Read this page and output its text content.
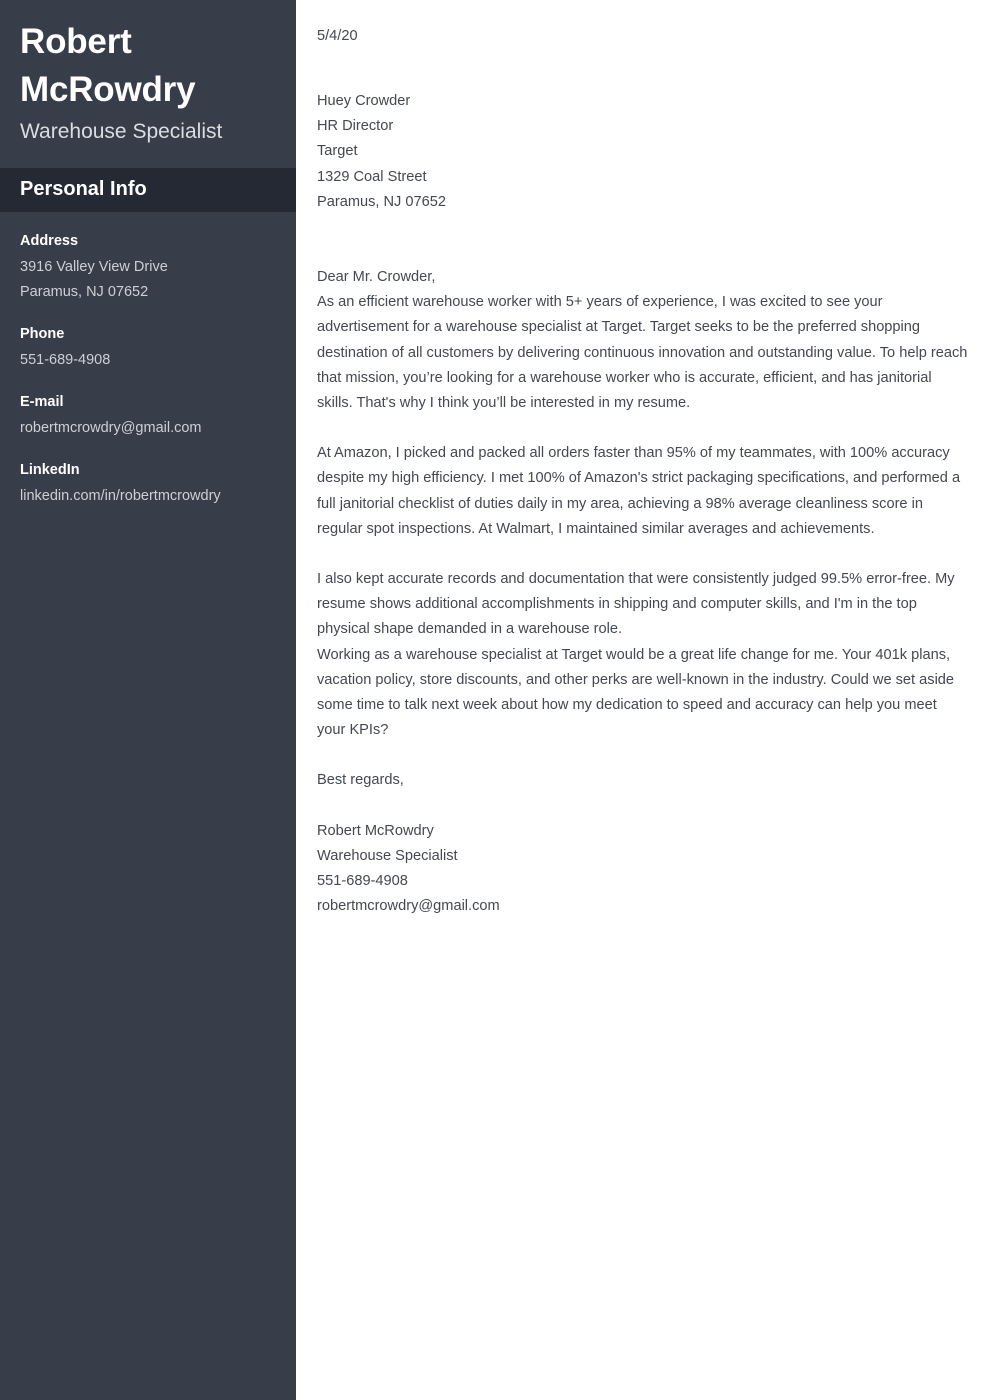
Robert McRowdry
Warehouse Specialist
Personal Info

Address

3916 Valley View Drive

Paramus, NJ 07652

Phone

551-689-4908

E-mail

robertmcrowdry@gmail.com

LinkedIn

linkedin.com/in/robertmcrowdry

5/4/20

Huey Crowder

HR Director

Target

1329 Coal Street

Paramus, NJ 07652

Dear Mr. Crowder,

As an efficient warehouse worker with 5+ years of experience, I was excited to see your advertisement for a warehouse specialist at Target. Target seeks to be the preferred shopping destination of all customers by delivering continuous innovation and outstanding value. To help reach that mission, you’re looking for a warehouse worker who is accurate, efficient, and has janitorial skills. That's why I think you’ll be interested in my resume.

At Amazon, I picked and packed all orders faster than 95% of my teammates, with 100% accuracy despite my high efficiency. I met 100% of Amazon's strict packaging specifications, and performed a full janitorial checklist of duties daily in my area, achieving a 98% average cleanliness score in regular spot inspections. At Walmart, I maintained similar averages and achievements.

I also kept accurate records and documentation that were consistently judged 99.5% error-free. My resume shows additional accomplishments in shipping and computer skills, and I'm in the top physical shape demanded in a warehouse role.

Working as a warehouse specialist at Target would be a great life change for me. Your 401k plans, vacation policy, store discounts, and other perks are well-known in the industry. Could we set aside some time to talk next week about how my dedication to speed and accuracy can help you meet your KPIs?

Best regards,

Robert McRowdry

Warehouse Specialist

551-689-4908

robertmcrowdry@gmail.com
